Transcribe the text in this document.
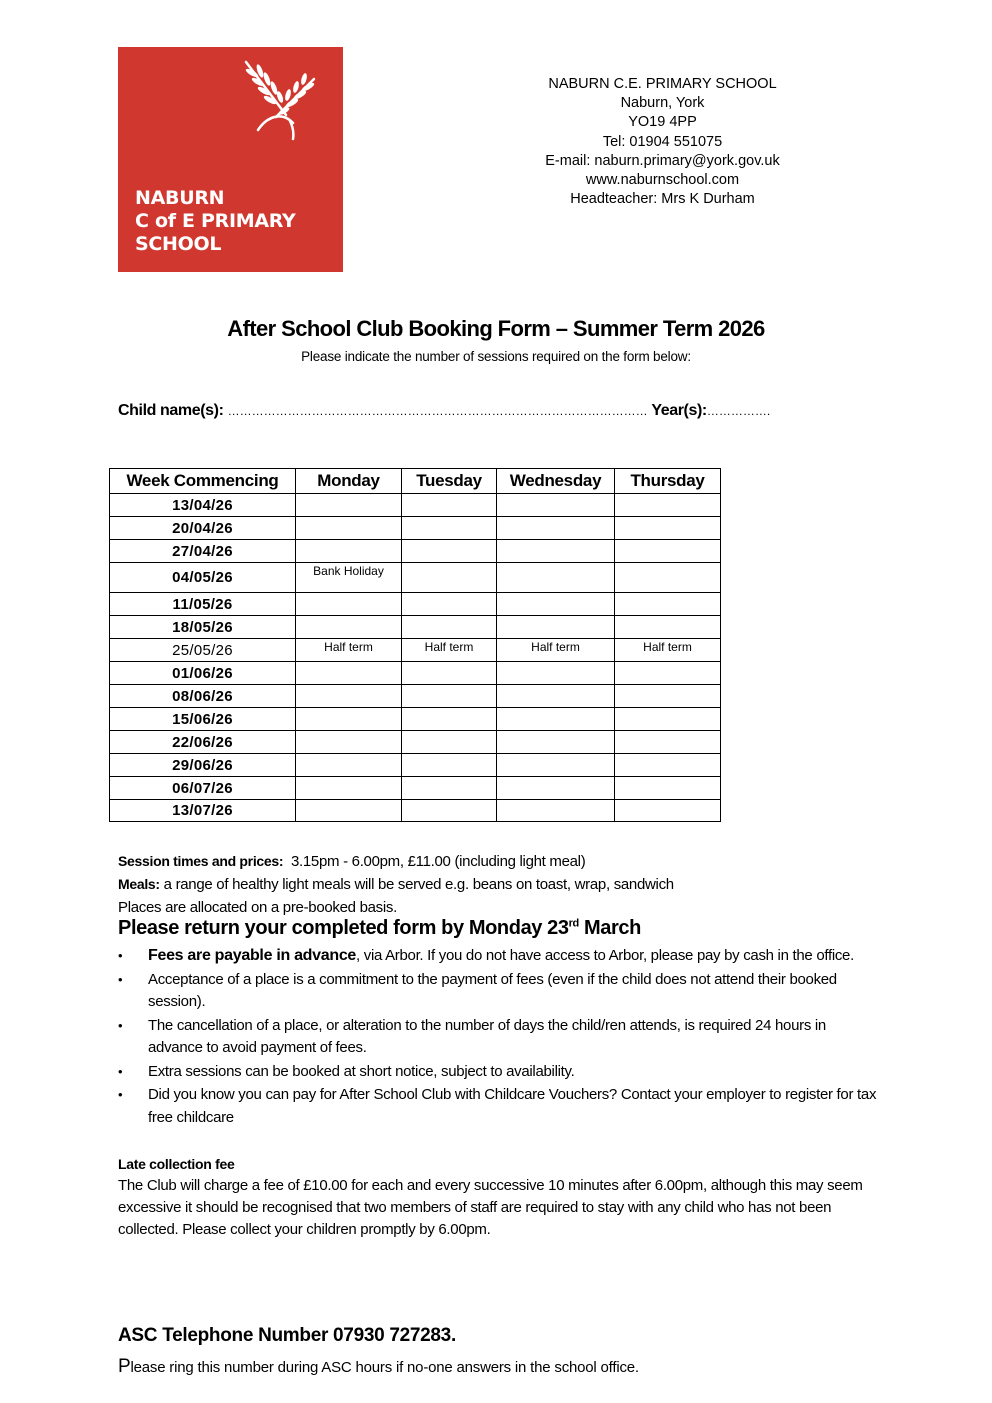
NABURN
C of E PRIMARY
SCHOOL
NABURN C.E. PRIMARY SCHOOL
Naburn, York
YO19 4PP
Tel: 01904 551075
E-mail: naburn.primary@york.gov.uk
www.naburnschool.com
Headteacher: Mrs K Durham
After School Club Booking Form – Summer Term 2026
Please indicate the number of sessions required on the form below:
Child name(s): …………………………………………………………………………………………… Year(s):…………….
Week Commencing	Monday	Tuesday	Wednesday	Thursday
13/04/26				
20/04/26				
27/04/26				
04/05/26	Bank Holiday			
11/05/26				
18/05/26				
25/05/26	Half term	Half term	Half term	Half term
01/06/26				
08/06/26				
15/06/26				
22/06/26				
29/06/26				
06/07/26				
13/07/26				
Session times and prices: 3.15pm - 6.00pm, £11.00 (including light meal)
Meals: a range of healthy light meals will be served e.g. beans on toast, wrap, sandwich
Places are allocated on a pre-booked basis.
Please return your completed form by Monday 23rd March
• Fees are payable in advance, via Arbor. If you do not have access to Arbor, please pay by cash in the office.
• Acceptance of a place is a commitment to the payment of fees (even if the child does not attend their booked session).
• The cancellation of a place, or alteration to the number of days the child/ren attends, is required 24 hours in advance to avoid payment of fees.
• Extra sessions can be booked at short notice, subject to availability.
• Did you know you can pay for After School Club with Childcare Vouchers? Contact your employer to register for tax free childcare
Late collection fee
The Club will charge a fee of £10.00 for each and every successive 10 minutes after 6.00pm, although this may seem excessive it should be recognised that two members of staff are required to stay with any child who has not been collected. Please collect your children promptly by 6.00pm.
ASC Telephone Number 07930 727283.
Please ring this number during ASC hours if no-one answers in the school office.
